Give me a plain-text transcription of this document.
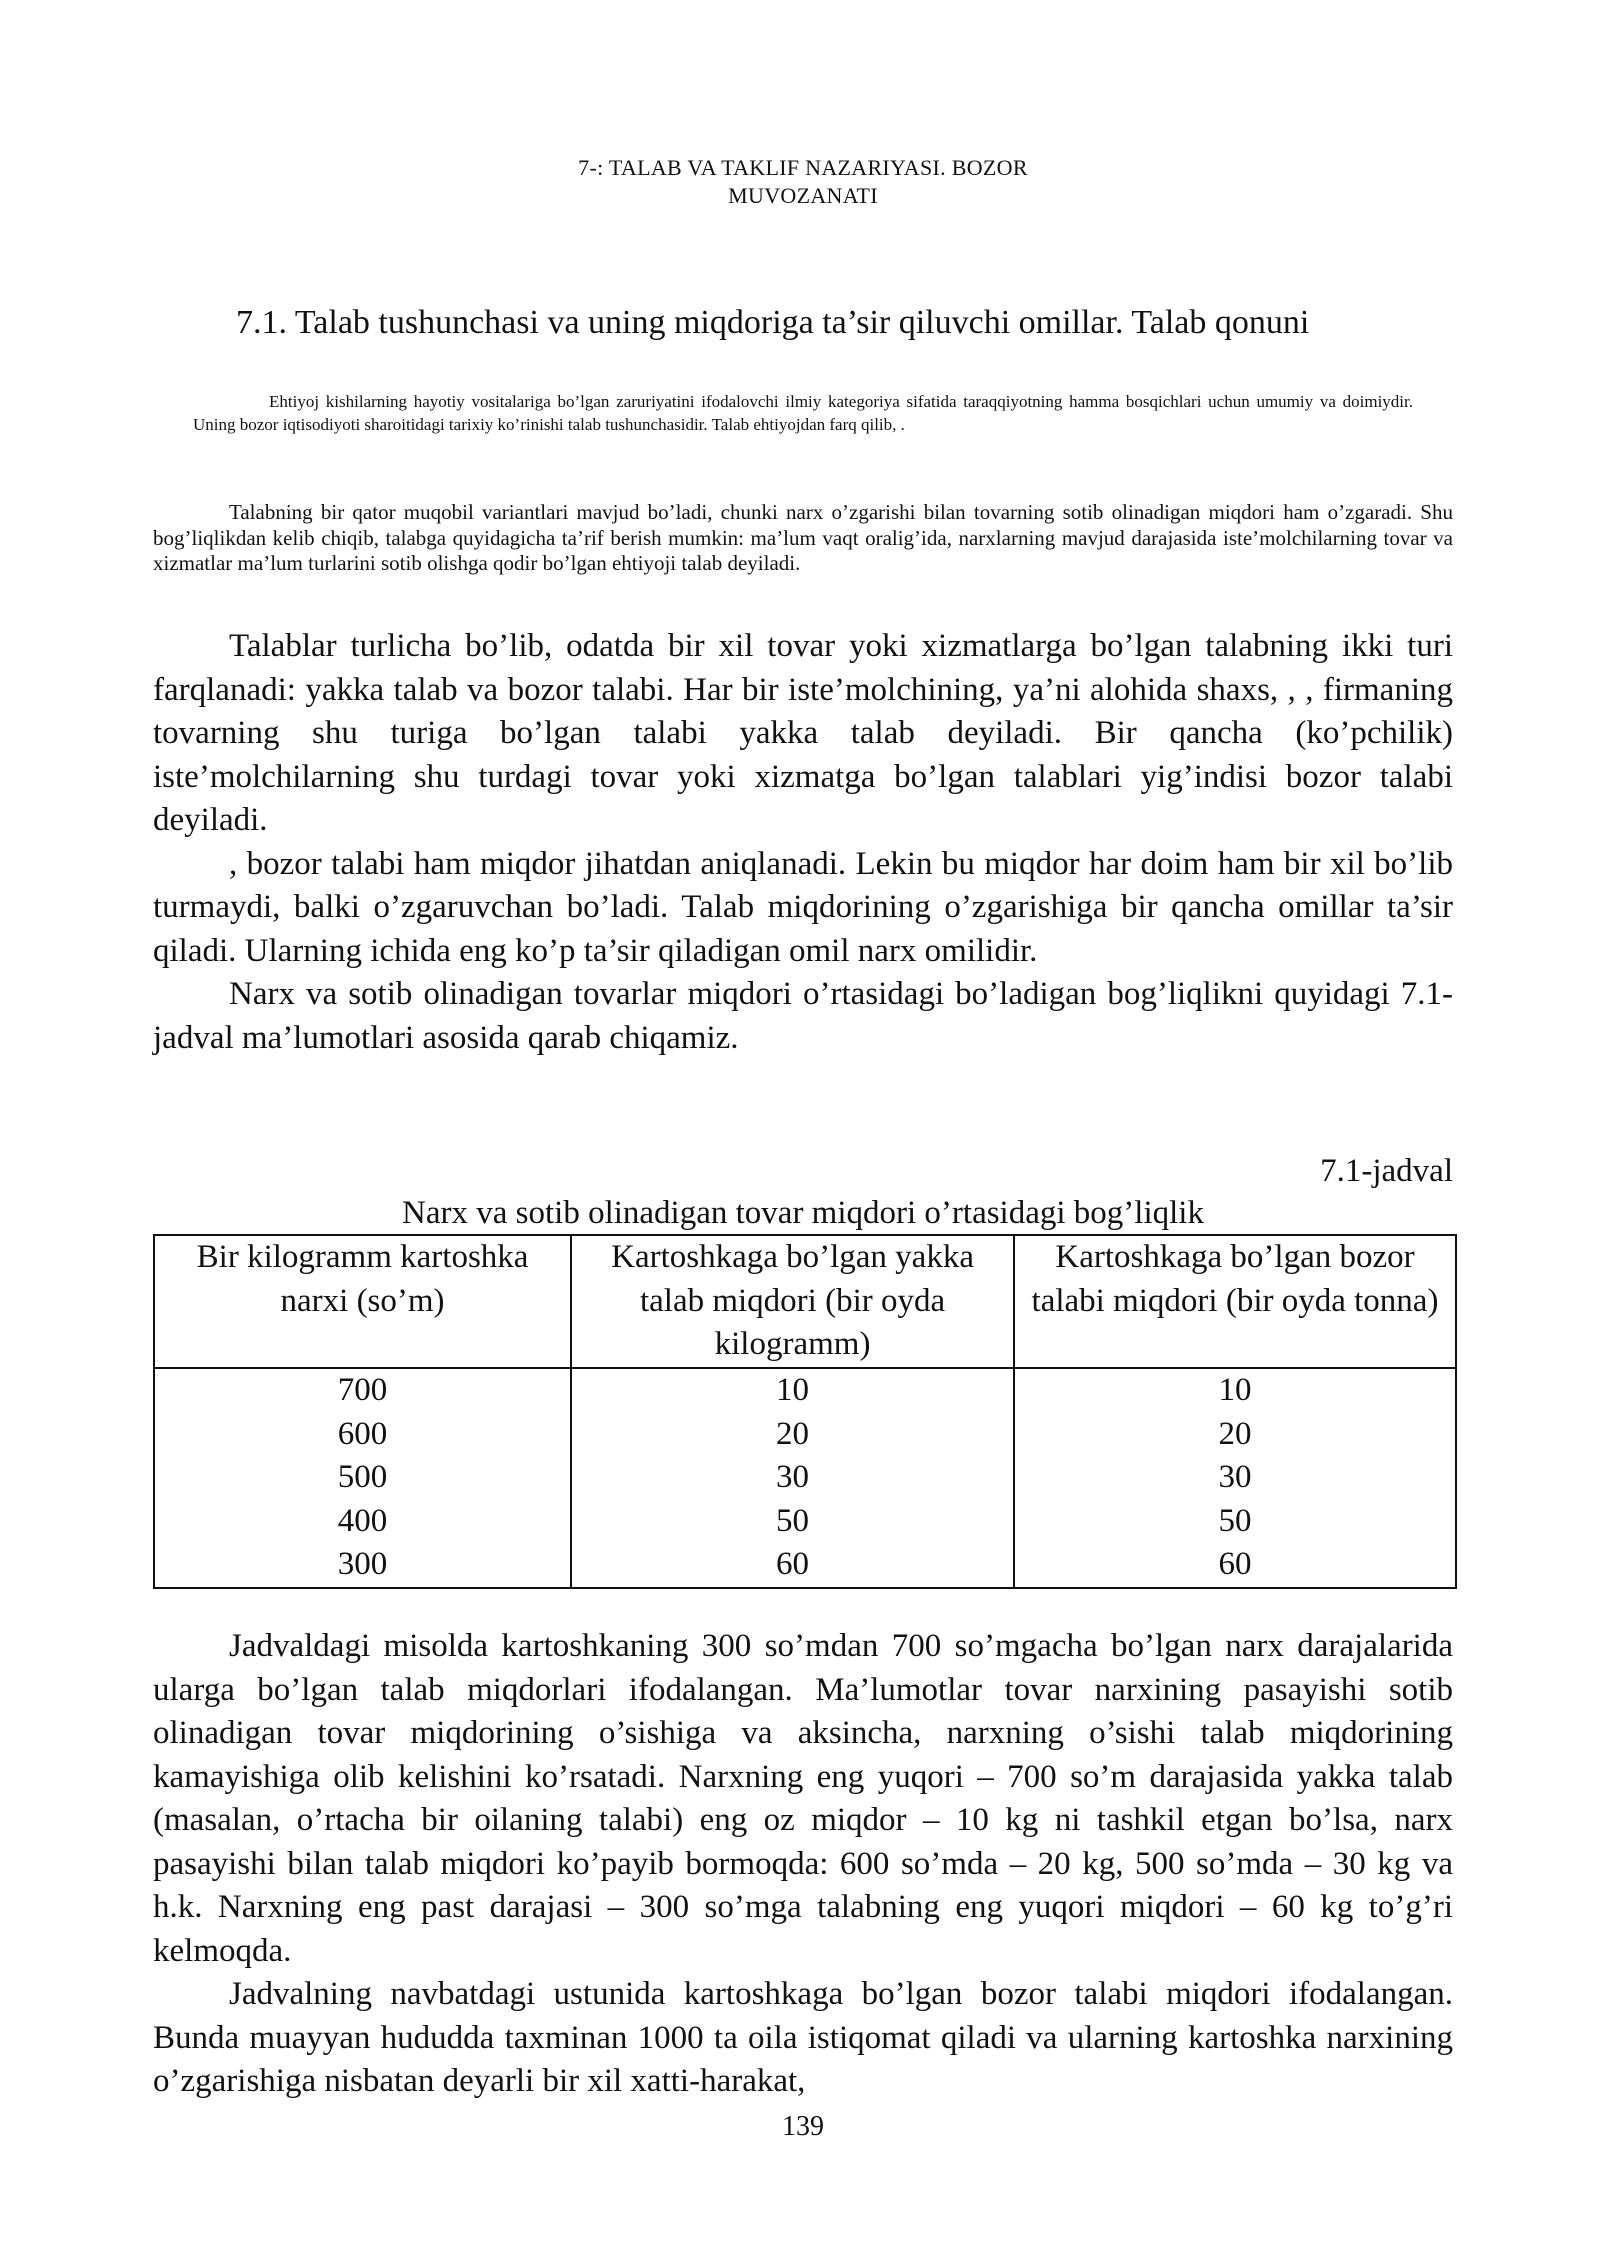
7-: TALAB VA TAKLIF NAZARIYASI. BOZOR
MUVOZANATI
7.1. Talab tushunchasi va uning miqdoriga ta’sir qiluvchi omillar. Talab qonuni
Ehtiyoj kishilarning hayotiy vositalariga bo’lgan zaruriyatini ifodalovchi ilmiy kategoriya sifatida taraqqiyotning hamma bosqichlari uchun umumiy va doimiydir. Uning bozor iqtisodiyoti sharoitidagi tarixiy ko’rinishi talab tushunchasidir. Talab ehtiyojdan farq qilib, .
Talabning bir qator muqobil variantlari mavjud bo’ladi, chunki narx o’zgarishi bilan tovarning sotib olinadigan miqdori ham o’zgaradi. Shu bog’liqlikdan kelib chiqib, talabga quyidagicha ta’rif berish mumkin: ma’lum vaqt oralig’ida, narxlarning mavjud darajasida iste’molchilarning tovar va xizmatlar ma’lum turlarini sotib olishga qodir bo’lgan ehtiyoji talab deyiladi.

Talablar turlicha bo’lib, odatda bir xil tovar yoki xizmatlarga bo’lgan talabning ikki turi farqlanadi: yakka talab va bozor talabi. Har bir iste’molchining, ya’ni alohida shaxs, , , firmaning tovarning shu turiga bo’lgan talabi yakka talab deyiladi. Bir qancha (ko’pchilik) iste’molchilarning shu turdagi tovar yoki xizmatga bo’lgan talablari yig’indisi bozor talabi deyiladi.

, bozor talabi ham miqdor jihatdan aniqlanadi. Lekin bu miqdor har doim ham bir xil bo’lib turmaydi, balki o’zgaruvchan bo’ladi. Talab miqdorining o’zgarishiga bir qancha omillar ta’sir qiladi. Ularning ichida eng ko’p ta’sir qiladigan omil narx omilidir.

Narx va sotib olinadigan tovarlar miqdori o’rtasidagi bo’ladigan bog’liqlikni quyidagi 7.1-jadval ma’lumotlari asosida qarab chiqamiz.

7.1-jadval
Narx va sotib olinadigan tovar miqdori o’rtasidagi bog’liqlik
Bir kilogramm kartoshka narxi (so’m)	Kartoshkaga bo’lgan yakka talab miqdori (bir oyda kilogramm)	Kartoshkaga bo’lgan bozor talabi miqdori (bir oyda tonna)
700	10	10
600	20	20
500	30	30
400	50	50
300	60	60

Jadvaldagi misolda kartoshkaning 300 so’mdan 700 so’mgacha bo’lgan narx darajalarida ularga bo’lgan talab miqdorlari ifodalangan. Ma’lumotlar tovar narxining pasayishi sotib olinadigan tovar miqdorining o’sishiga va aksincha, narxning o’sishi talab miqdorining kamayishiga olib kelishini ko’rsatadi. Narxning eng yuqori – 700 so’m darajasida yakka talab (masalan, o’rtacha bir oilaning talabi) eng oz miqdor – 10 kg ni tashkil etgan bo’lsa, narx pasayishi bilan talab miqdori ko’payib bormoqda: 600 so’mda – 20 kg, 500 so’mda – 30 kg va h.k. Narxning eng past darajasi – 300 so’mga talabning eng yuqori miqdori – 60 kg to’g’ri kelmoqda.

Jadvalning navbatdagi ustunida kartoshkaga bo’lgan bozor talabi miqdori ifodalangan. Bunda muayyan hududda taxminan 1000 ta oila istiqomat qiladi va ularning kartoshka narxining o’zgarishiga nisbatan deyarli bir xil xatti-harakat,

139
